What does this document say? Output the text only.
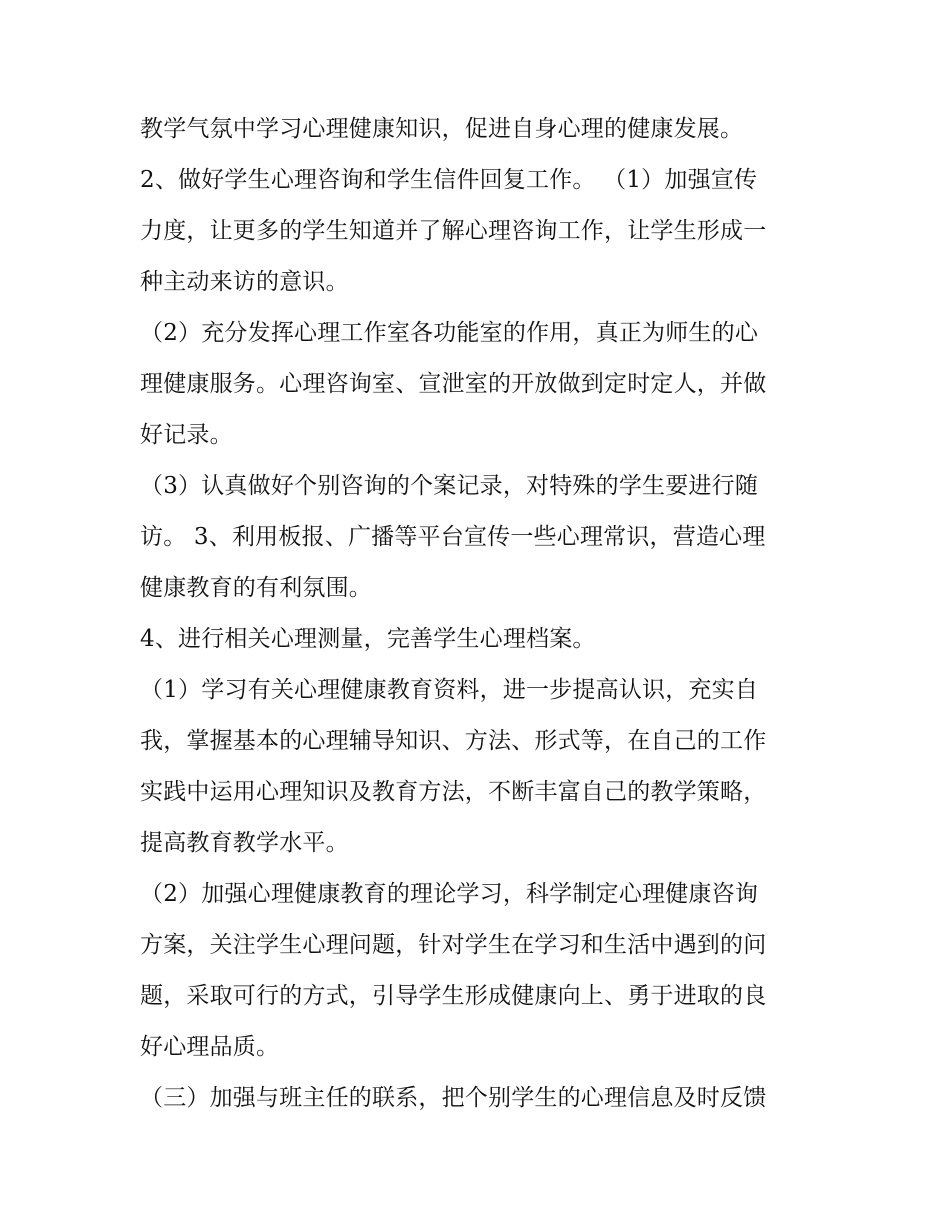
教学气氛中学习心理健康知识，促进自身心理的健康发展。
2、做好学生心理咨询和学生信件回复工作。 （1）加强宣传
力度，让更多的学生知道并了解心理咨询工作，让学生形成一
种主动来访的意识。
（2）充分发挥心理工作室各功能室的作用，真正为师生的心
理健康服务。心理咨询室、宣泄室的开放做到定时定人，并做
好记录。
（3）认真做好个别咨询的个案记录，对特殊的学生要进行随
访。 3、利用板报、广播等平台宣传一些心理常识，营造心理
健康教育的有利氛围。
4、进行相关心理测量，完善学生心理档案。
（1）学习有关心理健康教育资料，进一步提高认识，充实自
我，掌握基本的心理辅导知识、方法、形式等，在自己的工作
实践中运用心理知识及教育方法，不断丰富自己的教学策略，
提高教育教学水平。
（2）加强心理健康教育的理论学习，科学制定心理健康咨询
方案，关注学生心理问题，针对学生在学习和生活中遇到的问
题，采取可行的方式，引导学生形成健康向上、勇于进取的良
好心理品质。
（三）加强与班主任的联系，把个别学生的心理信息及时反馈
